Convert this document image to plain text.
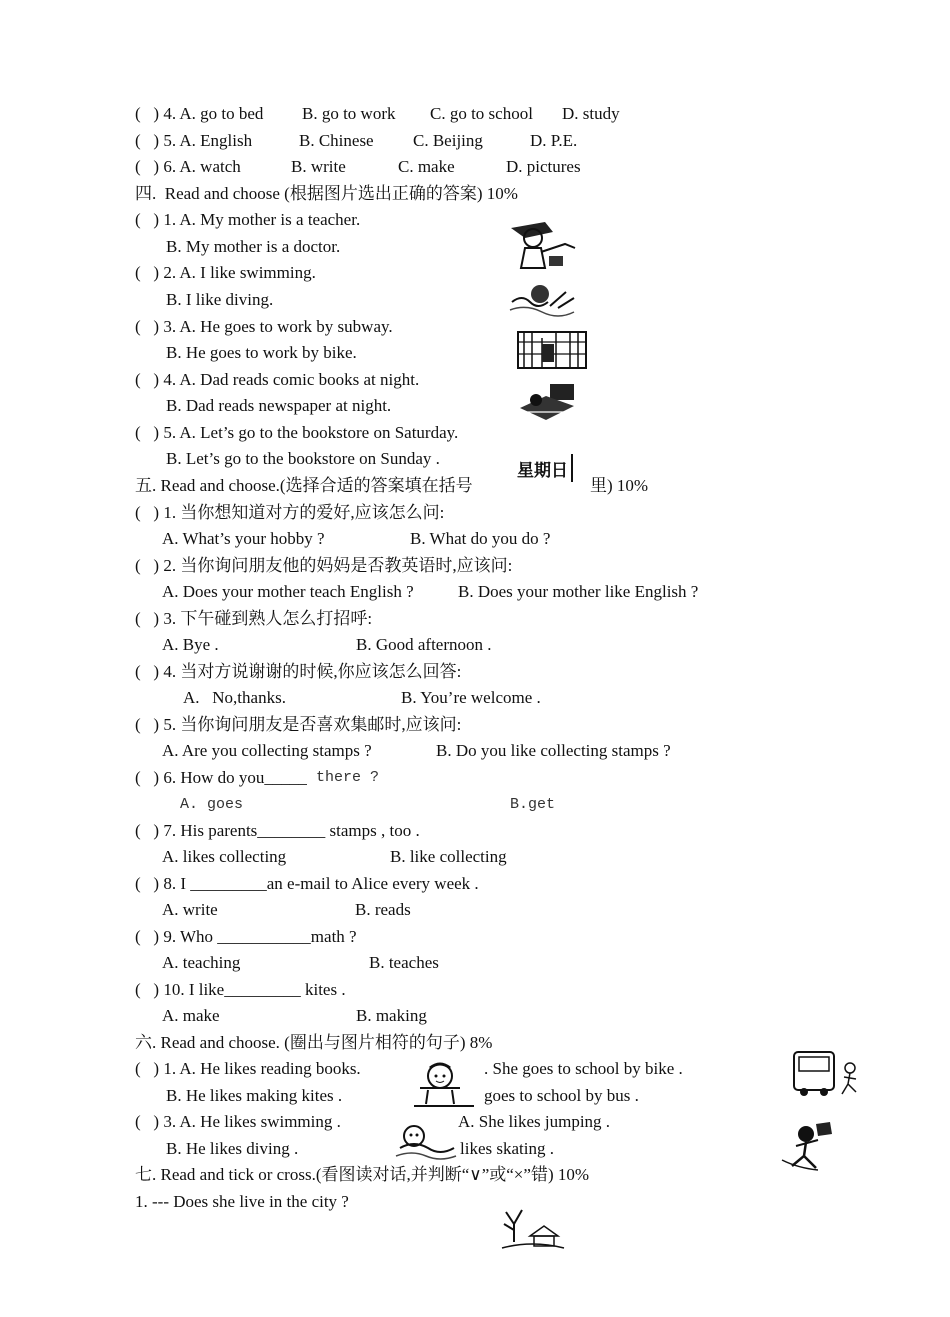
(   ) 4. A. go to bed B. go to work C. go to school D. study
(   ) 5. A. English	B. Chinese C. Beijing	D. P.E.
(   ) 6. A. watch	B. write	C. make	D. pictures
四.  Read and choose (根据图片选出正确的答案) 10%
(   ) 1. A. My mother is a teacher.
B. My mother is a doctor.
(   ) 2. A. I like swimming.
B. I like diving.
(   ) 3. A. He goes to work by subway.
B. He goes to work by bike.
(   ) 4. A. Dad reads comic books at night.
B. Dad reads newspaper at night.
(   ) 5. A. Let’s go to the bookstore on Saturday.
B. Let’s go to the bookstore on Sunday .
五. Read and choose.(选择合适的答案填在括号	里) 10%
(   ) 1. 当你想知道对方的爱好,应该怎么问:
A. What’s your hobby ?	B. What do you do ?
(   ) 2. 当你询问朋友他的妈妈是否教英语时,应该问:
A. Does your mother teach English ?	B. Does your mother like English ?
(   ) 3. 下午碰到熟人怎么打招呼:
A. Bye .	B. Good afternoon .
(   ) 4. 当对方说谢谢的时候,你应该怎么回答:
A.   No,thanks.	B. You’re welcome .
(   ) 5. 当你询问朋友是否喜欢集邮时,应该问:
A. Are you collecting stamps ?	B. Do you like collecting stamps ?
(   ) 6. How do you_____ there ?
A. goes	B.get
(   ) 7. His parents________ stamps , too .
A. likes collecting	B. like collecting
(   ) 8. I _________an e-mail to Alice every week .
A. write	B. reads
(   ) 9. Who ___________math ?
A. teaching	B. teaches
(   ) 10. I like_________ kites .
A. make	B. making
六. Read and choose. (圈出与图片相符的句子) 8%
(   ) 1. A. He likes reading books.	. She goes to school by bike .
B. He likes making kites .	goes to school by bus .
(   ) 3. A. He likes swimming .	A. She likes jumping .
B. He likes diving .	likes skating .
七. Read and tick or cross.(看图读对话,并判断“∨”或“×”错) 10%
1. --- Does she live in the city ?
星期日
